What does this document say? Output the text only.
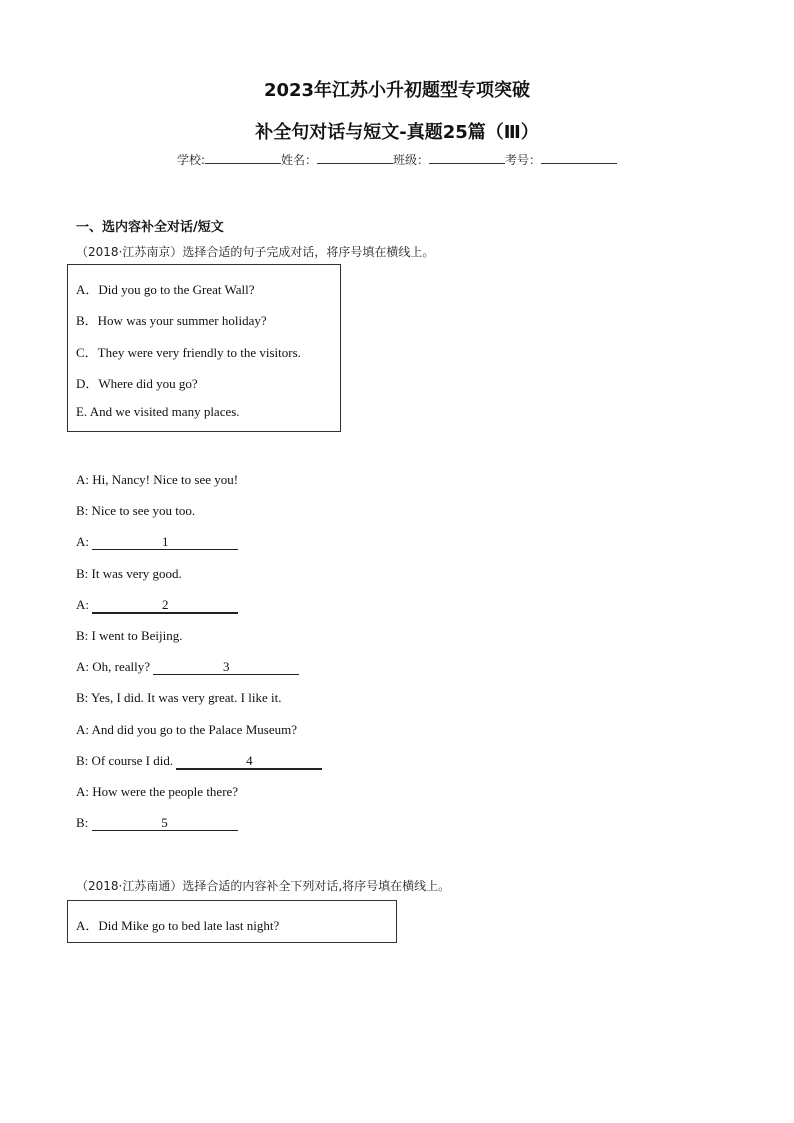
2023年江苏小升初题型专项突破
补全句对话与短文-真题25篇（Ⅲ）
学校:	姓名：	班级：	考号：
一、选内容补全对话/短文
（2018·江苏南京）选择合适的句子完成对话，将序号填在横线上。
A．Did you go to the Great Wall?
B．How was your summer holiday?
C．They were very friendly to the visitors.
D．Where did you go?
E. And we visited many places.
A: Hi, Nancy! Nice to see you!
B: Nice to see you too.
A:	1
B: It was very good.
A:	2
B: I went to Beijing.
A: Oh, really?	3
B: Yes, I did. It was very great. I like it.
A: And did you go to the Palace Museum?
B: Of course I did.	4
A: How were the people there?
B:	5
（2018·江苏南通）选择合适的内容补全下列对话,将序号填在横线上。
A．Did Mike go to bed late last night?
